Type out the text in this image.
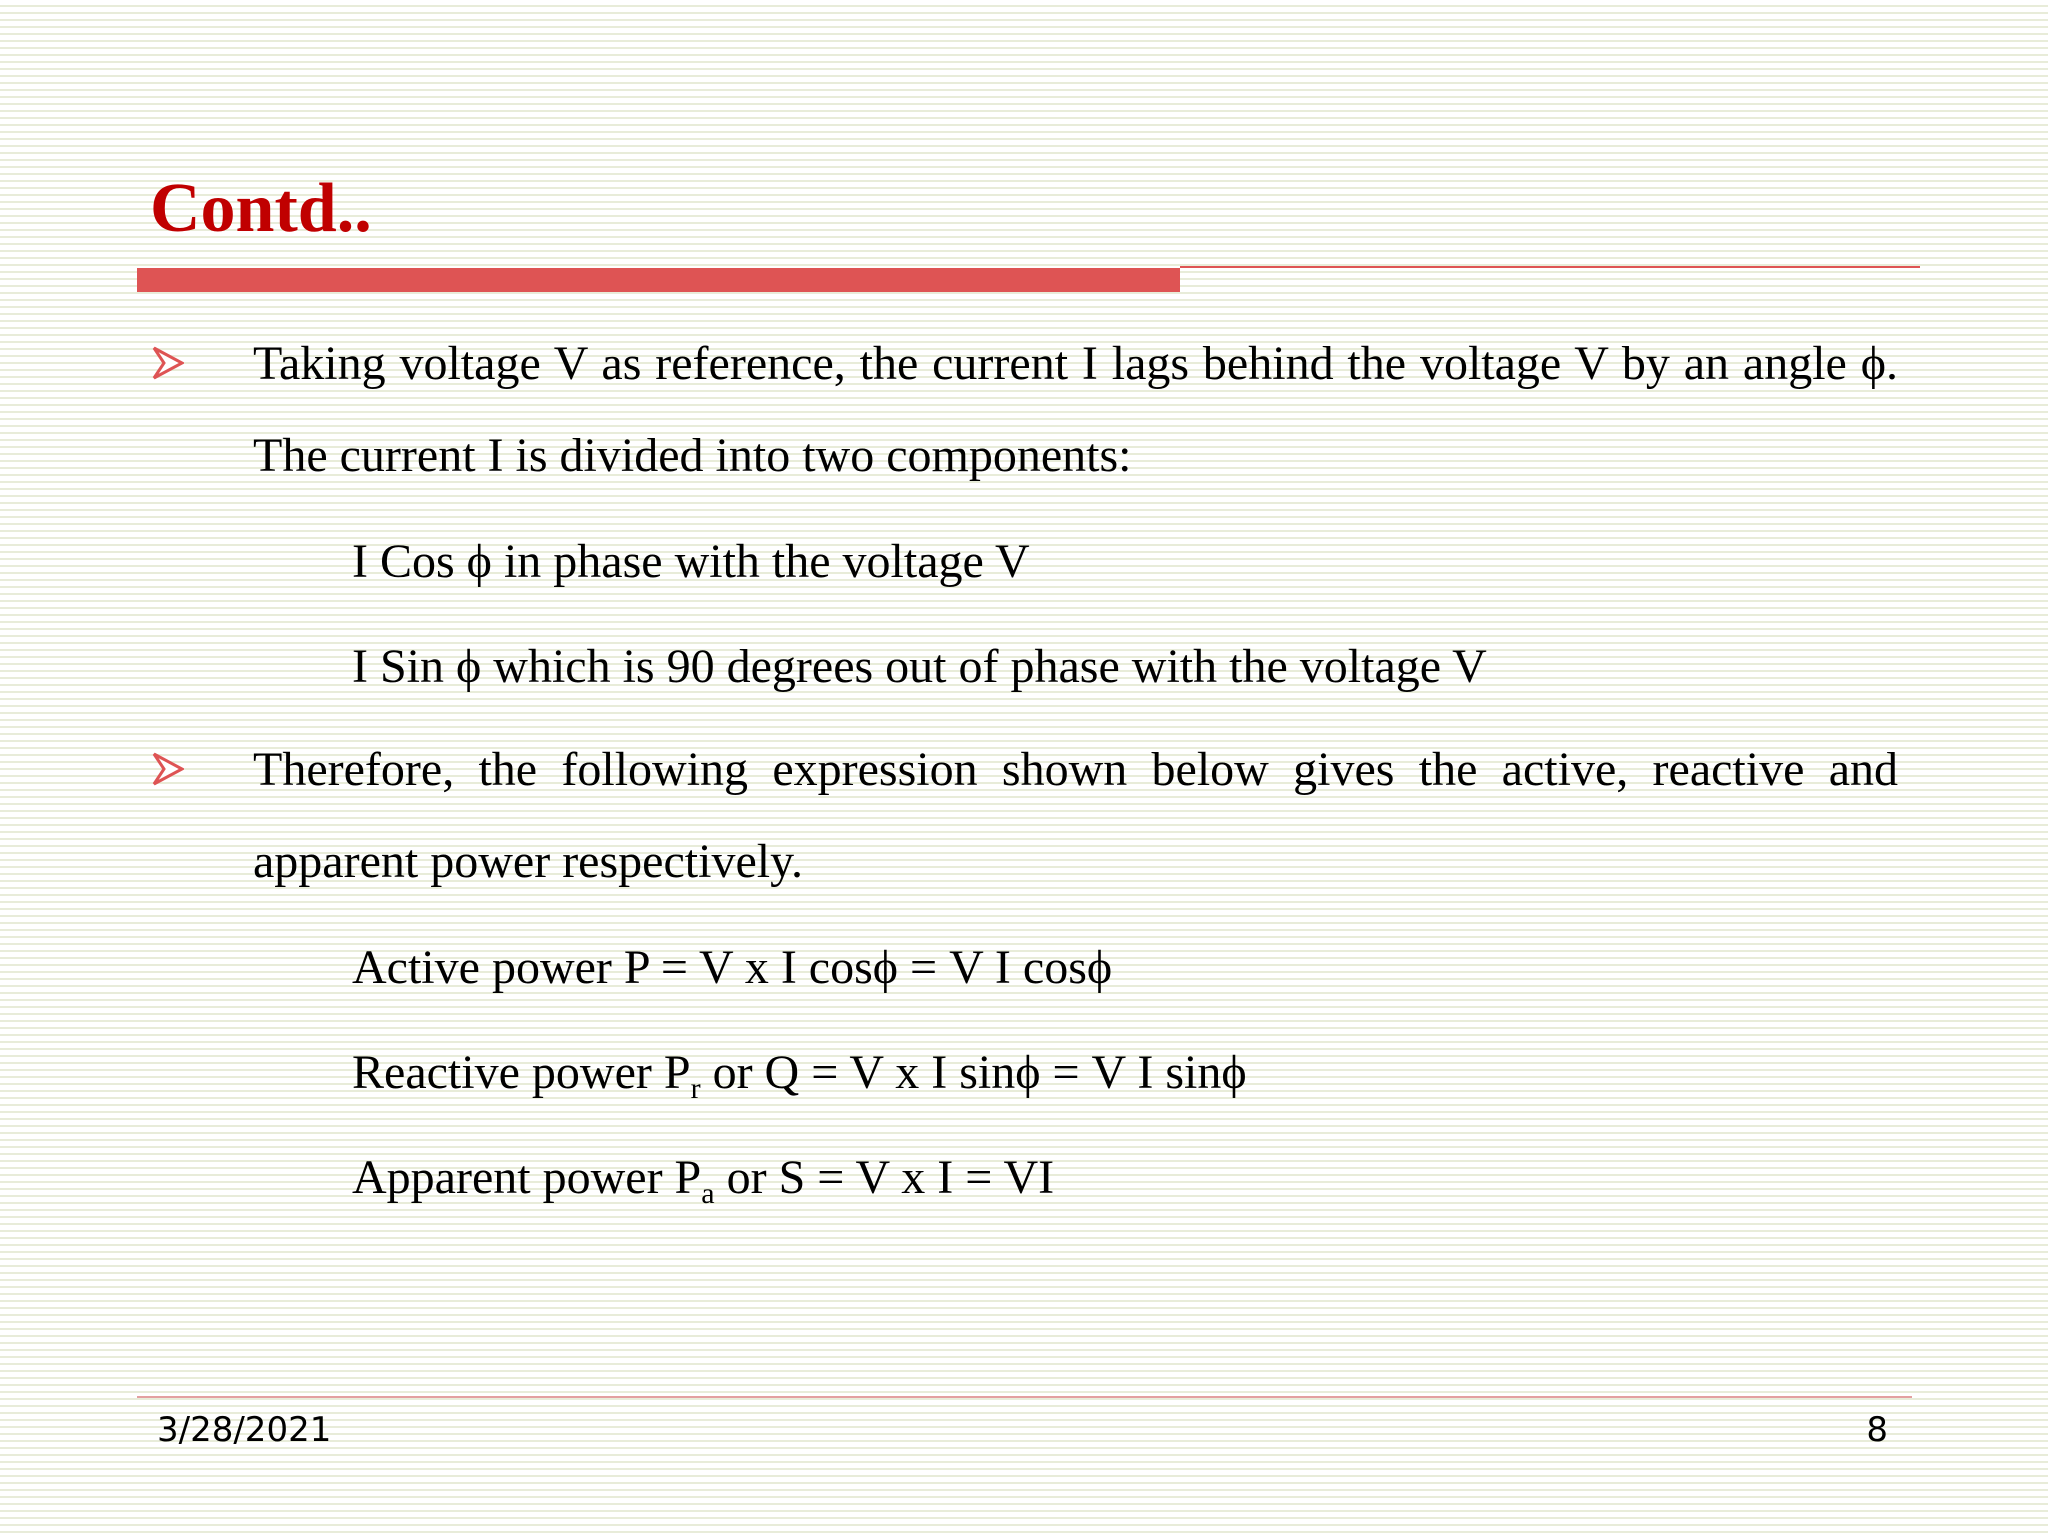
Contd..
Taking voltage V as reference, the current I lags behind the voltage V by an angle ϕ. The current I is divided into two components:
I Cos ϕ in phase with the voltage V
I Sin ϕ which is 90 degrees out of phase with the voltage V
Therefore, the following expression shown below gives the active, reactive and apparent power respectively.
Active power P = V x I cosϕ = V I cosϕ
Reactive power $P_r$ or Q = V x I sinϕ = V I sinϕ
Apparent power $P_a$ or S = V x I = VI
3/28/2021	8
